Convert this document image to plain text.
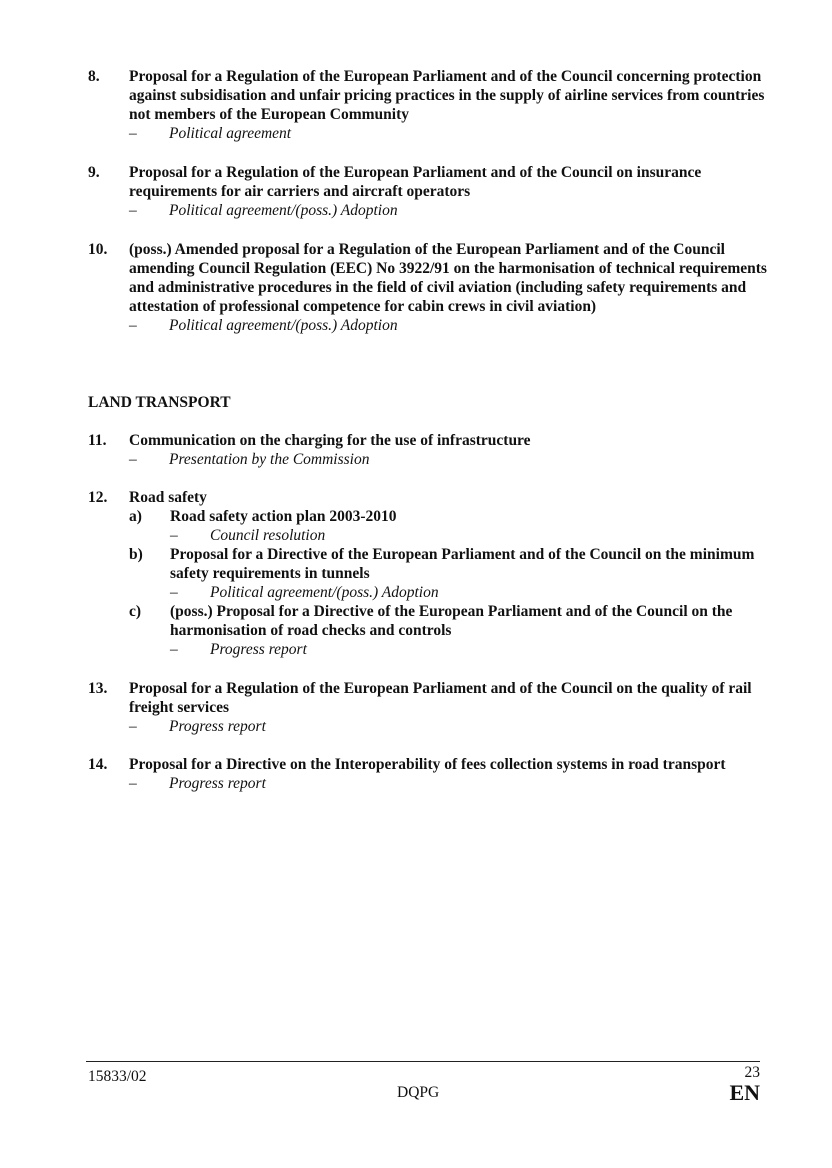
8. Proposal for a Regulation of the European Parliament and of the Council concerning protection against subsidisation and unfair pricing practices in the supply of airline services from countries not members of the European Community
– Political agreement
9. Proposal for a Regulation of the European Parliament and of the Council on insurance requirements for air carriers and aircraft operators
– Political agreement/(poss.) Adoption
10. (poss.) Amended proposal for a Regulation of the European Parliament and of the Council amending Council Regulation (EEC) No 3922/91 on the harmonisation of technical requirements and administrative procedures in the field of civil aviation (including safety requirements and attestation of professional competence for cabin crews in civil aviation)
– Political agreement/(poss.) Adoption
LAND TRANSPORT
11. Communication on the charging for the use of infrastructure
– Presentation by the Commission
12. Road safety
a) Road safety action plan 2003-2010
– Council resolution
b) Proposal for a Directive of the European Parliament and of the Council on the minimum safety requirements in tunnels
– Political agreement/(poss.) Adoption
c) (poss.) Proposal for a Directive of the European Parliament and of the Council on the harmonisation of road checks and controls
– Progress report
13. Proposal for a Regulation of the European Parliament and of the Council on the quality of rail freight services
– Progress report
14. Proposal for a Directive on the Interoperability of fees collection systems in road transport
– Progress report
15833/02
DQPG
23
EN
